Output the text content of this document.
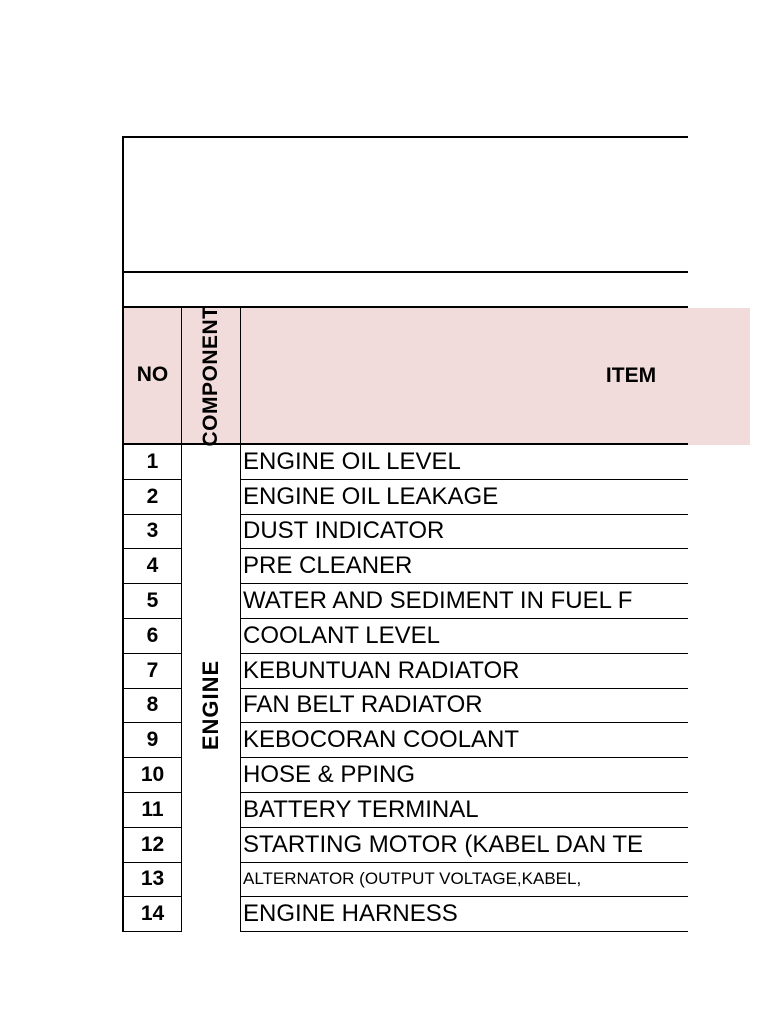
NO COMPONENT	ITEM
ENGINE
1	ENGINE OIL LEVEL
2	ENGINE OIL LEAKAGE
3	DUST INDICATOR
4	PRE CLEANER
5	WATER AND SEDIMENT IN FUEL F
6	COOLANT LEVEL
7	KEBUNTUAN RADIATOR
8	FAN BELT RADIATOR
9	KEBOCORAN COOLANT
10	HOSE & PPING
11	BATTERY TERMINAL
12	STARTING MOTOR (KABEL DAN TE
13	ALTERNATOR (OUTPUT VOLTAGE,KABEL,
14	ENGINE HARNESS
